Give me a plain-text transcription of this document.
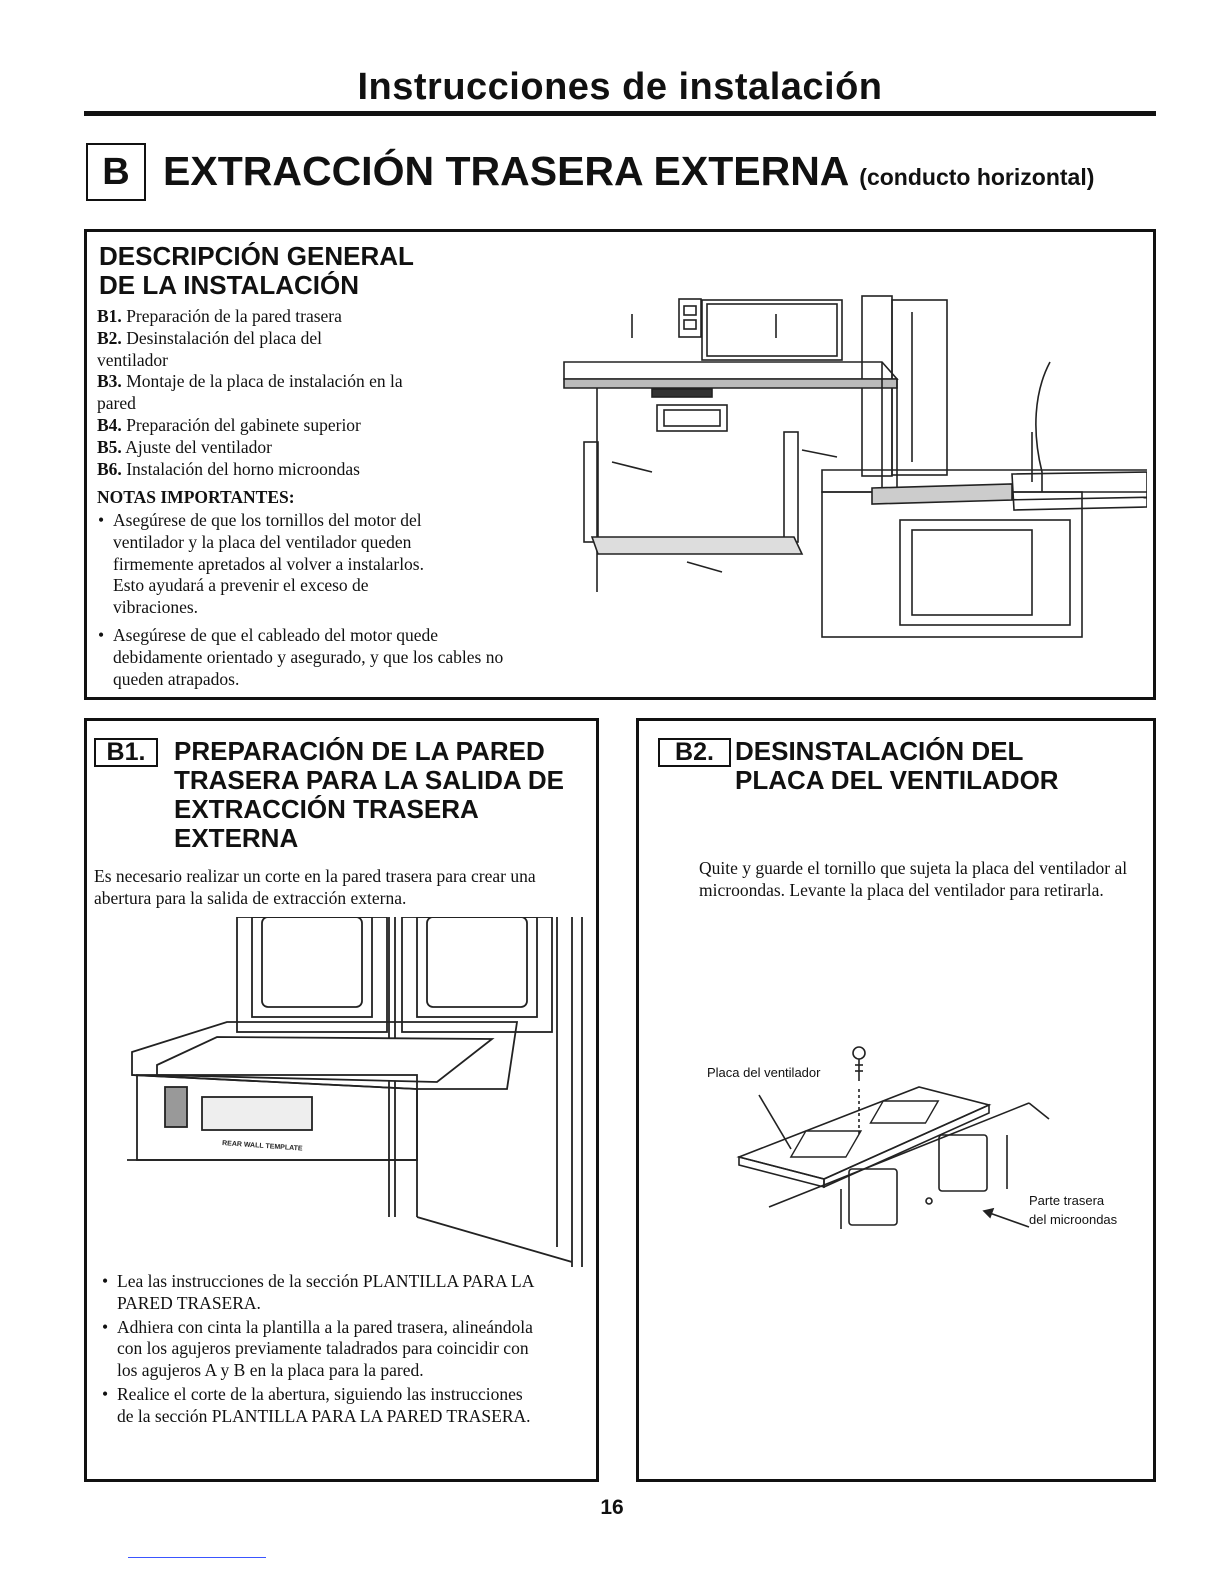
Instrucciones de instalación
B EXTRACCIÓN TRASERA EXTERNA (conducto horizontal)
DESCRIPCIÓN GENERAL
DE LA INSTALACIÓN
B1. Preparación de la pared trasera
B2. Desinstalación del placa del ventilador
B3. Montaje de la placa de instalación en la pared
B4. Preparación del gabinete superior
B5. Ajuste del ventilador
B6. Instalación del horno microondas
NOTAS IMPORTANTES:
• Asegúrese de que los tornillos del motor del ventilador y la placa del ventilador queden firmemente apretados al volver a instalarlos. Esto ayudará a prevenir el exceso de vibraciones.
• Asegúrese de que el cableado del motor quede debidamente orientado y asegurado, y que los cables no queden atrapados.
B1.	PREPARACIÓN DE LA PARED TRASERA PARA LA SALIDA DE EXTRACCIÓN TRASERA EXTERNA
Es necesario realizar un corte en la pared trasera para crear una abertura para la salida de extracción externa.
REAR WALL TEMPLATE
• Lea las instrucciones de la sección PLANTILLA PARA LA PARED TRASERA.
• Adhiera con cinta la plantilla a la pared trasera, alineándola con los agujeros previamente taladrados para coincidir con los agujeros A y B en la placa para la pared.
• Realice el corte de la abertura, siguiendo las instrucciones de la sección PLANTILLA PARA LA PARED TRASERA.
B2. DESINSTALACIÓN DEL
PLACA DEL VENTILADOR
Quite y guarde el tornillo que sujeta la placa del ventilador al microondas. Levante la placa del ventilador para retirarla.
Placa del ventilador
Parte trasera
del microondas
16
